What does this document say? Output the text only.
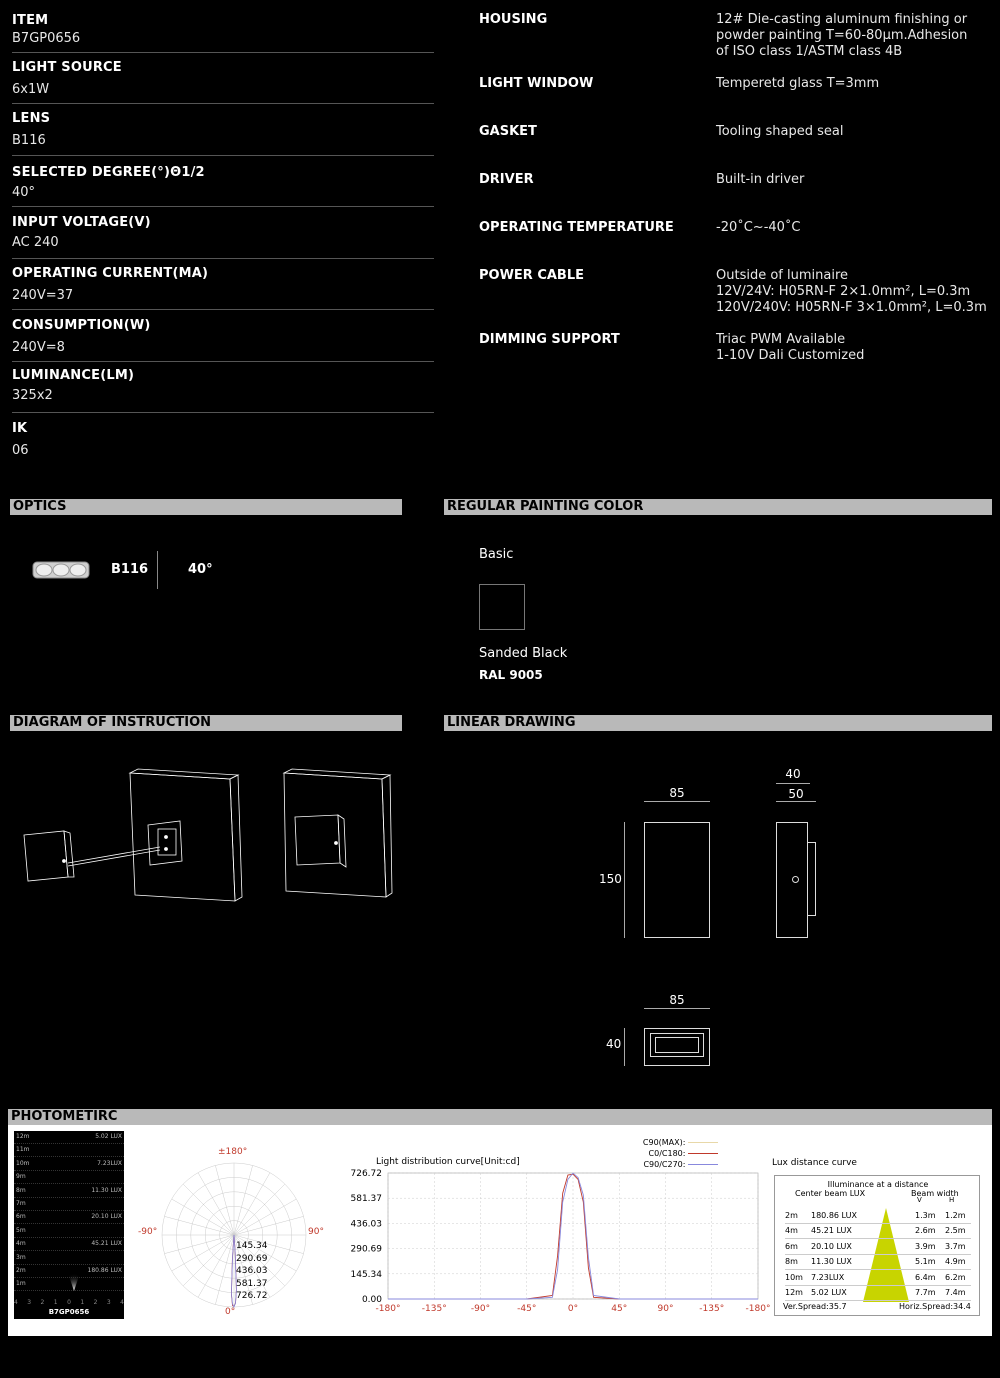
ITEM
B7GP0656
LIGHT SOURCE
6x1W
LENS
B116
SELECTED DEGREE(°)Θ1/2
40°
INPUT VOLTAGE(V)
AC 240
OPERATING CURRENT(MA)
240V=37
CONSUMPTION(W)
240V=8
LUMINANCE(LM)
325x2
IK
06
HOUSING	12# Die-casting aluminum finishing or
powder painting T=60-80μm.Adhesion
of ISO class 1/ASTM class 4B
LIGHT WINDOW	Temperetd glass T=3mm
GASKET	Tooling shaped seal
DRIVER	Built-in driver
OPERATING TEMPERATURE	-20˚C~-40˚C
POWER CABLE	Outside of luminaire
12V/24V: H05RN-F 2×1.0mm², L=0.3m
120V/240V: H05RN-F 3×1.0mm², L=0.3m
DIMMING SUPPORT	Triac PWM Available
1-10V Dali Customized
OPTICS	REGULAR PAINTING COLOR
DIAGRAM OF INSTRUCTION	LINEAR DRAWING
PHOTOMETIRC
B116	40°
Basic
Sanded Black
RAL 9005
85
150
40
50
85
40
12m	5.02 LUX
11m
10m	7.23LUX
9m
8m	11.30 LUX
7m
6m	20.10 LUX
5m
4m	45.21 LUX
3m
2m	180.86 LUX
1m
4 3 2 1 0 1 2 3 4
B7GP0656
±180°
-90°	90°
0°
145.34
290.69
436.03
581.37
726.72
Light distribution curve[Unit:cd]
C90(MAX):
C0/C180:
C90/C270:
0.00
145.34
290.69
436.03
581.37
726.72
-180° -135°	-90°	-45°	0°	45°	90°	-135° -180°
Lux distance curve
Illuminance at a distance
Center beam LUX	Beam width
V	H
2m	180.86 LUX	1.3m	1.2m
4m	45.21 LUX	2.6m	2.5m
6m	20.10 LUX	3.9m	3.7m
8m	11.30 LUX	5.1m	4.9m
10m	7.23LUX	6.4m	6.2m
12m	5.02 LUX	7.7m	7.4m
Ver.Spread:35.7	Horiz.Spread:34.4
